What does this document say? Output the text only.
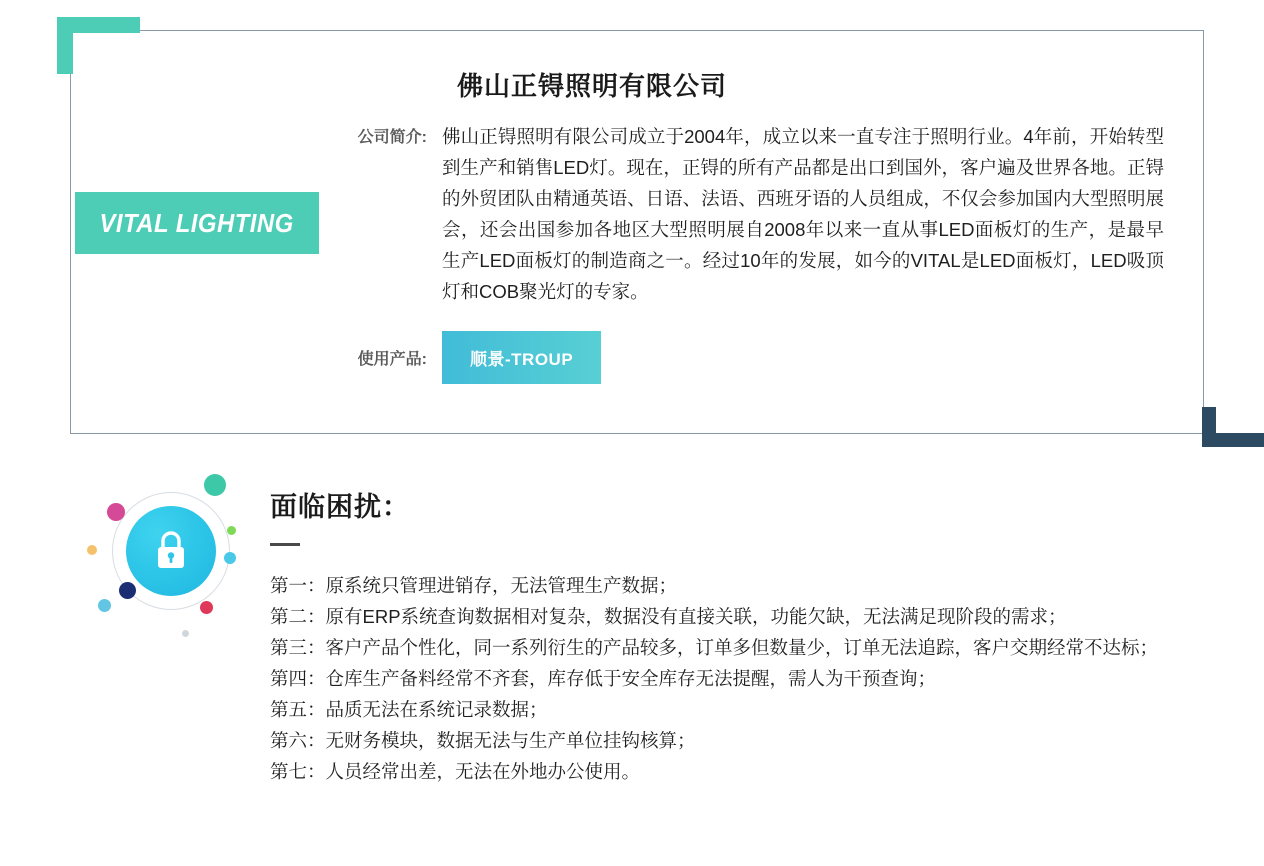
VITAL LIGHTING
佛山正锝照明有限公司
公司简介: 佛山正锝照明有限公司成立于2004年，成立以来一直专注于照明行业。4年前，开始转型到生产和销售LED灯。现在，正锝的所有产品都是出口到国外，客户遍及世界各地。正锝的外贸团队由精通英语、日语、法语、西班牙语的人员组成，不仅会参加国内大型照明展会，还会出国参加各地区大型照明展自2008年以来一直从事LED面板灯的生产，是最早生产LED面板灯的制造商之一。经过10年的发展，如今的VITAL是LED面板灯，LED吸顶灯和COB聚光灯的专家。
使用产品:	顺景-TROUP
面临困扰：
第一：原系统只管理进销存，无法管理生产数据；
第二：原有ERP系统查询数据相对复杂，数据没有直接关联，功能欠缺，无法满足现阶段的需求；
第三：客户产品个性化，同一系列衍生的产品较多，订单多但数量少，订单无法追踪，客户交期经常不达标；
第四：仓库生产备料经常不齐套，库存低于安全库存无法提醒，需人为干预查询；
第五：品质无法在系统记录数据；
第六：无财务模块，数据无法与生产单位挂钩核算；
第七：人员经常出差，无法在外地办公使用。
